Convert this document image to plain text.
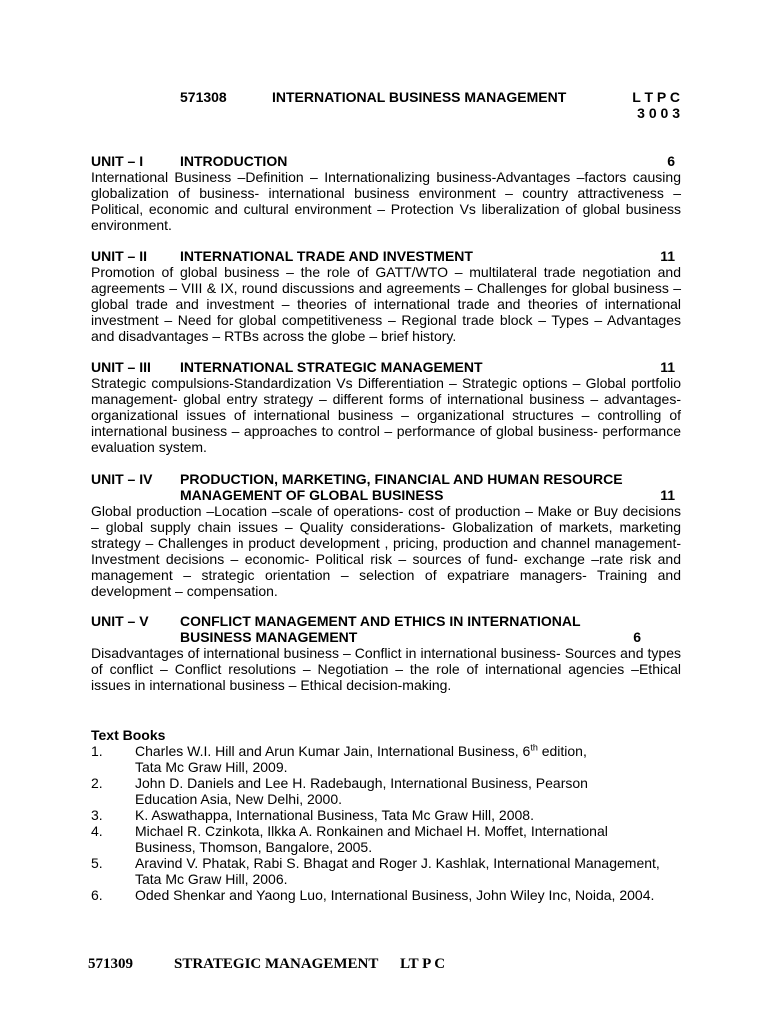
571308	INTERNATIONAL BUSINESS MANAGEMENT	L T P C
3 0 0 3
UNIT – I	INTRODUCTION	6
International Business –Definition – Internationalizing business-Advantages –factors causing globalization of business- international business environment – country attractiveness –Political, economic and cultural environment – Protection Vs liberalization of global business environment.
UNIT – II INTERNATIONAL TRADE AND INVESTMENT	11
Promotion of global business – the role of GATT/WTO – multilateral trade negotiation and agreements – VIII & IX, round discussions and agreements – Challenges for global business – global trade and investment – theories of international trade and theories of international investment – Need for global competitiveness – Regional trade block – Types – Advantages and disadvantages – RTBs across the globe – brief history.
UNIT – III INTERNATIONAL STRATEGIC MANAGEMENT	11
Strategic compulsions-Standardization Vs Differentiation – Strategic options – Global portfolio management- global entry strategy – different forms of international business – advantages-organizational issues of international business – organizational structures – controlling of international business – approaches to control – performance of global business- performance evaluation system.
UNIT – IV PRODUCTION, MARKETING, FINANCIAL AND HUMAN RESOURCE MANAGEMENT OF GLOBAL BUSINESS	11
Global production –Location –scale of operations- cost of production – Make or Buy decisions – global supply chain issues – Quality considerations- Globalization of markets, marketing strategy – Challenges in product development , pricing, production and channel management-Investment decisions – economic- Political risk – sources of fund- exchange –rate risk and management – strategic orientation – selection of expatriare managers- Training and development – compensation.
UNIT – V CONFLICT MANAGEMENT AND ETHICS IN INTERNATIONAL BUSINESS MANAGEMENT	6
Disadvantages of international business – Conflict in international business- Sources and types of conflict – Conflict resolutions – Negotiation – the role of international agencies –Ethical issues in international business – Ethical decision-making.
Text Books
1. Charles W.I. Hill and Arun Kumar Jain, International Business, 6th edition,
Tata Mc Graw Hill, 2009.
2. John D. Daniels and Lee H. Radebaugh, International Business, Pearson
Education Asia, New Delhi, 2000.
3. K. Aswathappa, International Business, Tata Mc Graw Hill, 2008.
4. Michael R. Czinkota, Ilkka A. Ronkainen and Michael H. Moffet, International
Business, Thomson, Bangalore, 2005.
5. Aravind V. Phatak, Rabi S. Bhagat and Roger J. Kashlak, International Management,
Tata Mc Graw Hill, 2006.
6. Oded Shenkar and Yaong Luo, International Business, John Wiley Inc, Noida, 2004.
571309	STRATEGIC MANAGEMENT LT P C
